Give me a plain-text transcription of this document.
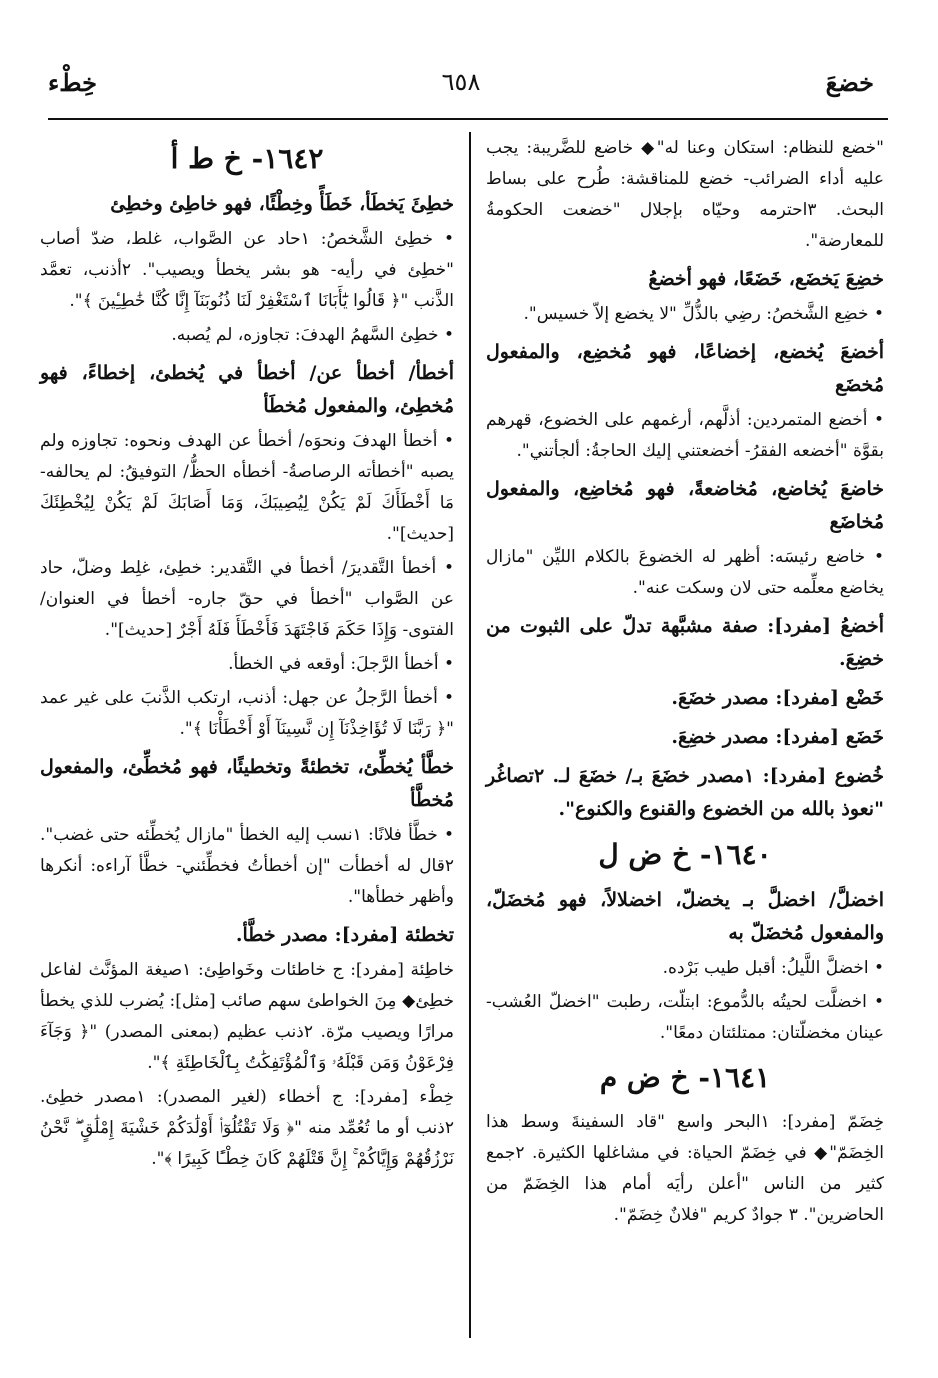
خضعَ
٦٥٨
خِطْء
"خضع للنظام: استكان وعنا له"◆ خاضع للضَّريبة: يجب عليه أداء الضرائب- خضع للمناقشة: طُرح على بساط البحث. ٣احترمه وحيّاه بإجلال "خضعت الحكومةُ للمعارضة".
خضِعَ يَخضَع، خَضَعًا، فهو أخضعُ
• خضِع الشَّخصُ: رضِي بالذُّلِّ "لا يخضع إلاّ خسيس".
أخضعَ يُخضع، إخضاعًا، فهو مُخضِع، والمفعول مُخضَع
• أخضع المتمردين: أذلَّهم، أرغمهم على الخضوع، قهرهم بقوَّة "أخضعه الفقرُ- أخضعتني إليك الحاجةُ: ألجأتني".
خاضعَ يُخاضع، مُخاضعةً، فهو مُخاضِع، والمفعول مُخاضَع
• خاضع رئيسَه: أظهر له الخضوعَ بالكلام الليِّن "مازال يخاضع معلِّمه حتى لان وسكت عنه".
أخضعُ [مفرد]: صفة مشبَّهة تدلّ على الثبوت من خضِعَ.
خَضْع [مفرد]: مصدر خضَعَ.
خَضَع [مفرد]: مصدر خضِعَ.
خُضوع [مفرد]: ١مصدر خضَعَ بـ/ خضَعَ لـ. ٢تصاغُر "نعوذ بالله من الخضوع والقنوع والكنوع".
١٦٤٠- خ ض ل
اخضلَّ/ اخضلَّ بـ يخضلّ، اخضلالاً، فهو مُخضَلّ، والمفعول مُخضَلّ به
• اخضلَّ اللَّيلُ: أقبل طيب بَرْده.
• اخضلَّت لحيتُه بالدُّموع: ابتلّت، رطبت "اخضلّ العُشب- عينان مخضلّتان: ممتلئتان دمعًا".
١٦٤١- خ ض م
خِضَمّ [مفرد]: ١البحر واسع "قاد السفينةَ وسط هذا الخِضَمّ"◆ في خِضَمّ الحياة: في مشاغلها الكثيرة. ٢جمع كثير من الناس "أعلن رأيَه أمام هذا الخِضَمّ من الحاضرين". ٣ جوادٌ كريم "فلانٌ خِضَمّ".
١٦٤٢- خ ط أ
خطِئَ يَخطَأ، خَطَأً وخِطْئًا، فهو خاطِئ وخطِئ
• خطِئ الشَّخصُ: ١حاد عن الصَّواب، غلط، ضدّ أصاب "خطِئ في رأيه- هو بشر يخطأ ويصيب". ٢أذنب، تعمَّد الذَّنب "﴿ قَالُوا يَٰٓأَبَانَا ٱسْتَغْفِرْ لَنَا ذُنُوبَنَآ إِنَّا كُنَّا خَٰطِـِٔينَ ﴾".
• خطِئ السَّهمُ الهدفَ: تجاوزه، لم يُصبه.
أخطأ/ أخطأ عن/ أخطأ في يُخطئ، إخطاءً، فهو مُخطِئ، والمفعول مُخطَأ
• أخطأ الهدفَ ونحوَه/ أخطأ عن الهدف ونحوه: تجاوزه ولم يصبه "أخطأته الرصاصةُ- أخطأه الحظُّ/ التوفيقُ: لم يحالفه- مَا أَخْطَأَكَ لَمْ يَكُنْ لِيُصِيبَكَ، وَمَا أَصَابَكَ لَمْ يَكُنْ لِيُخْطِئَكَ [حديث]".
• أخطأ التَّقديرَ/ أخطأ في التَّقدير: خطِئ، غلِط وضلّ، حاد عن الصَّواب "أخطأ في حقّ جاره- أخطأ في العنوان/ الفتوى- وَإِذَا حَكَمَ فَاجْتَهَدَ فَأَخْطَأَ فَلَهُ أَجْرٌ [حديث]".
• أخطأ الرَّجلَ: أوقعه في الخطأ.
• أخطأ الرَّجلُ عن جهل: أذنب، ارتكب الذَّنبَ على غير عمد "﴿ رَبَّنَا لَا تُؤَاخِذْنَآ إِن نَّسِينَآ أَوْ أَخْطَأْنَا ﴾".
خطَّأ يُخطِّئ، تخطئةً وتخطيئًا، فهو مُخطِّئ، والمفعول مُخطَّأ
• خطَّأ فلانًا: ١نسب إليه الخطأ "مازال يُخطِّئه حتى غضب". ٢قال له أخطأت "إن أخطأتُ فخطِّئني- خطَّأ آراءه: أنكرها وأظهر خطأها".
تخطئة [مفرد]: مصدر خطَّأ.
خاطِئة [مفرد]: ج خاطئات وخَواطِئ: ١صيغة المؤنَّث لفاعل خطِئ◆ مِنَ الخواطئ سهم صائب [مثل]: يُضرب للذي يخطأ مرارًا ويصيب مرّة. ٢ذنب عظيم (بمعنى المصدر) "﴿ وَجَآءَ فِرْعَوْنُ وَمَن قَبْلَهُۥ وَٱلْمُؤْتَفِكَٰتُ بِٱلْخَاطِئَةِ ﴾".
خِطْء [مفرد]: ج أخطاء (لغير المصدر): ١مصدر خطِئ. ٢ذنب أو ما تُعُمِّد منه "﴿ وَلَا تَقْتُلُوٓا۟ أَوْلَٰدَكُمْ خَشْيَةَ إِمْلَٰقٍ ۖ نَّحْنُ نَرْزُقُهُمْ وَإِيَّاكُمْ ۚ إِنَّ قَتْلَهُمْ كَانَ خِطْـًٔا كَبِيرًا ﴾".
